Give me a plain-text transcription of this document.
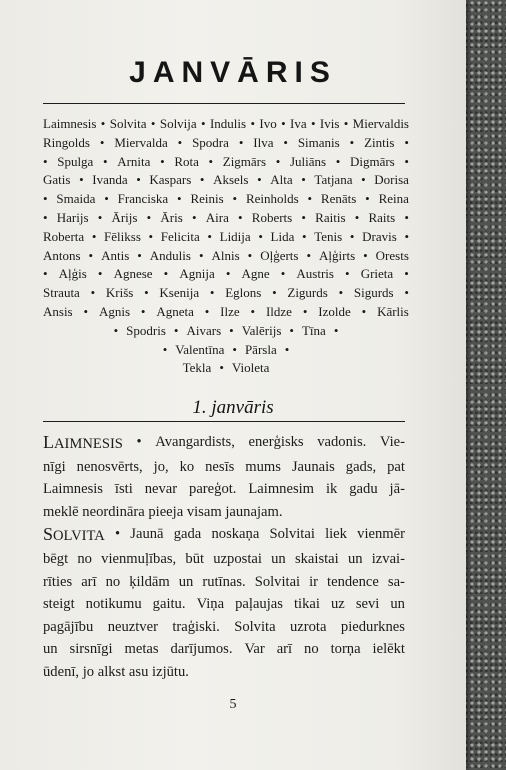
JANVĀRIS
Laimnesis • Solvita • Solvija • Indulis • Ivo • Iva • Ivis • Miervaldis
Ringolds • Miervalda • Spodra • Ilva • Simanis • Zintis •
• Spulga • Arnita • Rota • Zigmārs • Juliāns • Digmārs •
Gatis • Ivanda • Kaspars • Aksels • Alta • Tatjana • Dorisa
• Smaida • Franciska • Reinis • Reinholds • Renāts • Reina
• Harijs • Ārijs • Āris • Aira • Roberts • Raitis • Raits •
Roberta • Fēlikss • Felicita • Lidija • Lida • Tenis • Dravis •
Antons • Antis • Andulis • Alnis • Oļģerts • Aļģirts • Orests
• Aļģis • Agnese • Agnija • Agne • Austris • Grieta •
Strauta • Krišs • Ksenija • Eglons • Zigurds • Sigurds •
Ansis • Agnis • Agneta • Ilze • Ildze • Izolde • Kārlis
• Spodris • Aivars • Valērijs • Tīna •
• Valentīna • Pārsla •
Tekla • Violeta
1. janvāris
LAIMNESIS • Avangardists, enerģisks vadonis. Vie-
nīgi nenosvērts, jo, ko nesīs mums Jaunais gads, pat
Laimnesis īsti nevar pareģot. Laimnesim ik gadu jā-
meklē neordināra pieeja visam jaunajam.
SOLVITA • Jaunā gada noskaņa Solvitai liek vienmēr
bēgt no vienmuļības, būt uzpostai un skaistai un izvai-
rīties arī no ķildām un rutīnas. Solvitai ir tendence sa-
steigt notikumu gaitu. Viņa paļaujas tikai uz sevi un
pagājību neuztver traģiski. Solvita uzrota piedurknes
un sirsnīgi metas darījumos. Var arī no torņa ielēkt
ūdenī, jo alkst asu izjūtu.
5
